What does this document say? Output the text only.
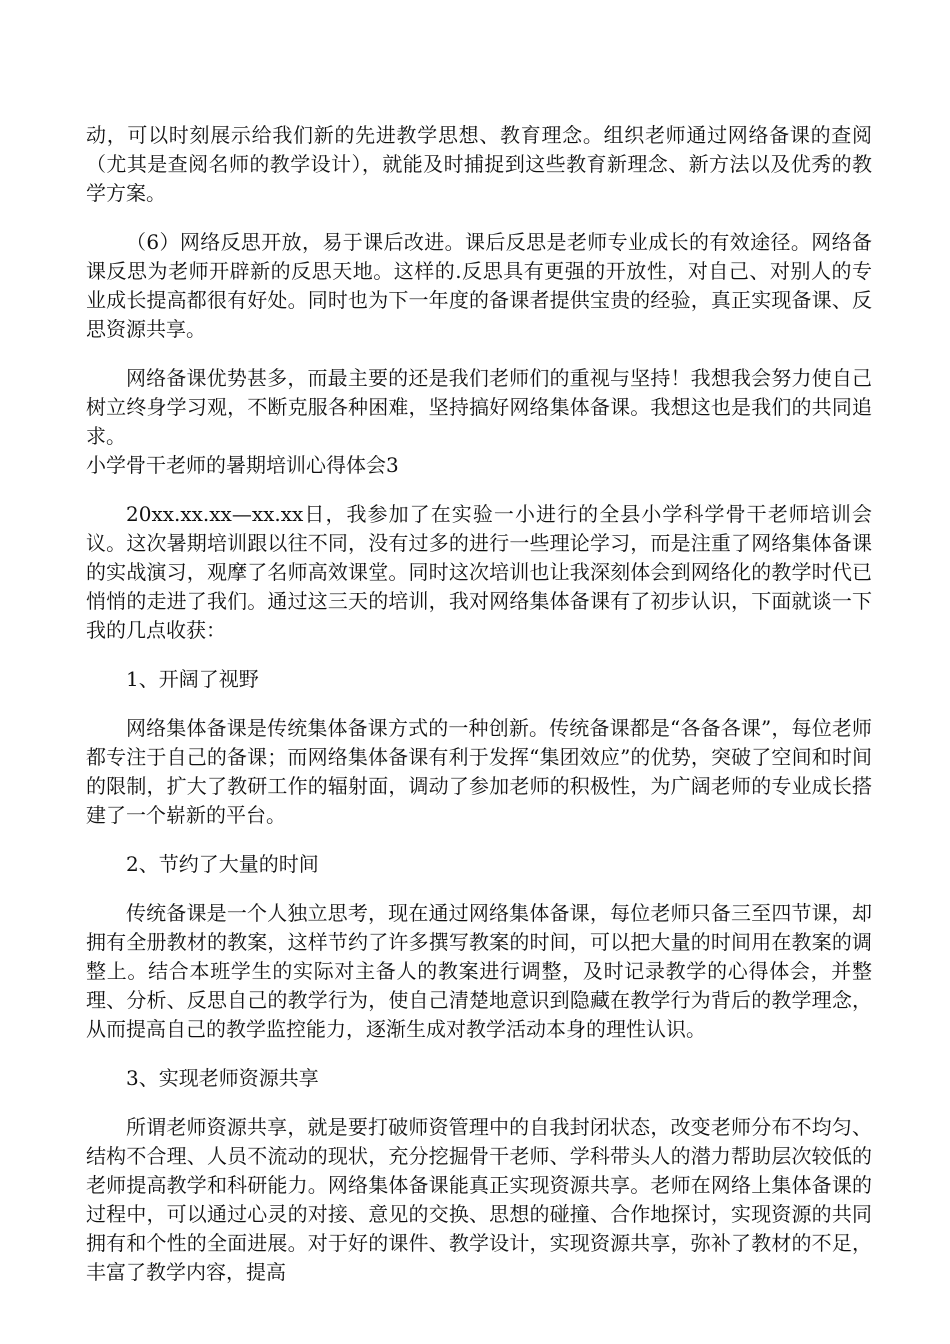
动，可以时刻展示给我们新的先进教学思想、教育理念。组织老师通过网络备课的查阅（尤其是查阅名师的教学设计），就能及时捕捉到这些教育新理念、新方法以及优秀的教学方案。

（6）网络反思开放，易于课后改进。课后反思是老师专业成长的有效途径。网络备课反思为老师开辟新的反思天地。这样的.反思具有更强的开放性，对自己、对别人的专业成长提高都很有好处。同时也为下一年度的备课者提供宝贵的经验，真正实现备课、反思资源共享。

网络备课优势甚多，而最主要的还是我们老师们的重视与坚持！我想我会努力使自己树立终身学习观，不断克服各种困难，坚持搞好网络集体备课。我想这也是我们的共同追求。

小学骨干老师的暑期培训心得体会3

20xx.xx.xx—xx.xx日，我参加了在实验一小进行的全县小学科学骨干老师培训会议。这次暑期培训跟以往不同，没有过多的进行一些理论学习，而是注重了网络集体备课的实战演习，观摩了名师高效课堂。同时这次培训也让我深刻体会到网络化的教学时代已悄悄的走进了我们。通过这三天的培训，我对网络集体备课有了初步认识，下面就谈一下我的几点收获：

1、开阔了视野

网络集体备课是传统集体备课方式的一种创新。传统备课都是“各备各课”，每位老师都专注于自己的备课；而网络集体备课有利于发挥“集团效应”的优势，突破了空间和时间的限制，扩大了教研工作的辐射面，调动了参加老师的积极性，为广阔老师的专业成长搭建了一个崭新的平台。

2、节约了大量的时间

传统备课是一个人独立思考，现在通过网络集体备课，每位老师只备三至四节课，却拥有全册教材的教案，这样节约了许多撰写教案的时间，可以把大量的时间用在教案的调整上。结合本班学生的实际对主备人的教案进行调整，及时记录教学的心得体会，并整理、分析、反思自己的教学行为，使自己清楚地意识到隐藏在教学行为背后的教学理念，从而提高自己的教学监控能力，逐渐生成对教学活动本身的理性认识。

3、实现老师资源共享

所谓老师资源共享，就是要打破师资管理中的自我封闭状态，改变老师分布不均匀、结构不合理、人员不流动的现状，充分挖掘骨干老师、学科带头人的潜力帮助层次较低的老师提高教学和科研能力。网络集体备课能真正实现资源共享。老师在网络上集体备课的过程中，可以通过心灵的对接、意见的交换、思想的碰撞、合作地探讨，实现资源的共同拥有和个性的全面进展。对于好的课件、教学设计，实现资源共享，弥补了教材的不足，丰富了教学内容，提高
